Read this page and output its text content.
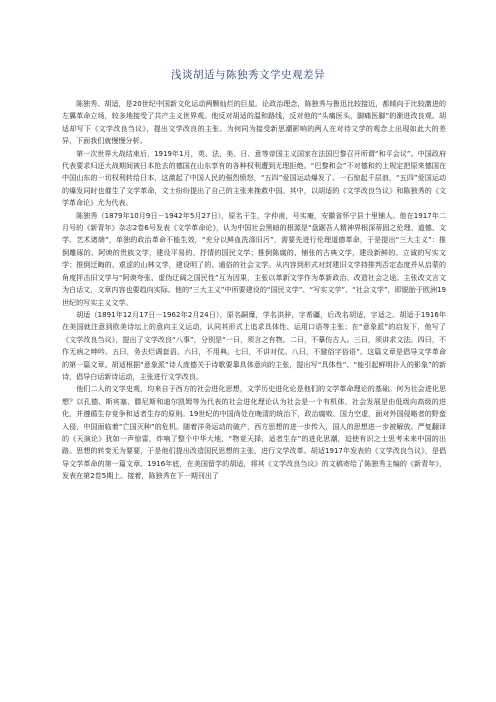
浅谈胡适与陈独秀文学史观差异

陈独秀、胡适，是20世纪中国新文化运动两颗灿烂的巨星。论政治理念，陈独秀与鲁迅比较接近，都倾向于比较激进的左翼革命立场，较多地接受了共产主义世界观。他反对胡适的温和路线，反对他的“头痛医头，脚痛医脚”的渐进改良观。胡适却写下《文学改良刍议》，提出文学改良的主张。为何同为接受新思潮影响的两人在对待文学的观念上出现如此大的差异，下面我们就慢慢分析。

第一次世界大战结束后，1919年1月，英、法、美、日、意等帝国主义国家在法国巴黎召开所谓“和平会议”。中国政府代表要求归还大战期间被日本抢去的德国在山东享有的各种权利遭到无理拒绝。“巴黎和会”不对德和约上规定把原来德国在中国山东的一切权利转给日本，这激起了中国人民的强烈愤怒，“五四”爱国运动爆发了。一石惊起千层浪，“五四”爱国运动的爆发同时也催生了文学革命，文士纷纷提出了自己的主张来挽救中国。其中，以胡适的《文学改良刍议》和陈独秀的《文学革命论》尤为代表。

陈独秀（1879年10月9日－1942年5月27日），原名干生，字仲甫，号实庵，安徽省怀宁县十里铺人。他在1917年二月号的《新青年》杂志2卷6号发表《文学革命论》，认为中国社会黑暗的根源是“盘踞吾人精神界根深蒂固之伦理、道德、文学、艺术诸端”，单独的政治革命不能生效，“充分以鲜血洗涤旧污”，需要先进行伦理道德革命，于是提出“三大主义”：推倒雕琢的、阿谀的贵族文学，建设平易的、抒情的国民文学；推倒陈腐的、铺张的古典文学，建设新鲜的、立诚的写实文学；推倒迂晦的、艰涩的山林文学，建设明了的、通俗的社会文学。从内容到形式对封建旧文学持排判否定态度并从启蒙的角度抨击旧文学与“阿谀夸张、虚伪迂阔之国民性”互为因果，主张以革新文学作为革新政治、改造社会之途。主张改文言文为白话文，文章内容也要趋向实际。他的“三大主义”中所要建设的“国民文学”、“写实文学”、“社会文学”，即脱胎于欧洲19世纪的写实主义文学。

胡适（1891年12月17日－1962年2月24日），原名嗣糜，学名洪骍，字希疆，后改名胡适，字适之。胡适于1916年在美国就注意到欧美诗坛上的意向主义运动，认同其形式上追求具体性、运用口语等主张；在“意象派”的启发下，他写了《文学改良刍议》，提出了文学改良“八事”，分别是“一曰，须言之有物。二曰，不摹仿古人。三曰，须讲求文法。四曰，不作无病之呻吟。五曰，务去烂调套语。六曰，不用典。七曰，不讲对仗。八曰，不避俗字俗语”。这篇文章是倡导文学革命的第一篇文章。胡适根据“意象派”诗人庞德关于诗歌要靠具体意向的主张，提出写“具体性”、“能引起鲜明扑人的影象”的新诗，倡导白话新诗运动，主张进行文学改良。

他们二人的文学史观，均来自于西方的社会进化思想，文学历史进化论是他们的文学革命理论的基础。何为社会进化思想？以孔德、斯宾塞、滕尼斯和迪尔凯姆等为代表的社会进化理论认为社会是一个有机体，社会发展是由低级向高级的进化，并遵循生存竞争和适者生存的原则。19世纪的中国尚处在晚清的统治下，政治腐败、国力空虚，面对外国侵略者的野蛮入侵，中国面临着“亡国灭种”的危机。随着洋务运动的破产，西方思想的进一步传入，国人的思想进一步被解放。严复翻译的《天演论》犹如一声惊雷，炸响了整个中华大地，“物竞天择，适者生存”的进化思潮，迫使有识之士思考未来中国的出路。思想的转变无为要要，于是他们提出改造国民思想的主张，进行文学改革。胡适1917年发表的《文学改良刍议》，是倡导文学革命的第一篇文章。1916年底，在美国留学的胡适，将其《文学改良刍议》的文稿寄给了陈独秀主编的《新青年》，发表在第2卷5期上。接着，陈独秀在下一期刊出了
